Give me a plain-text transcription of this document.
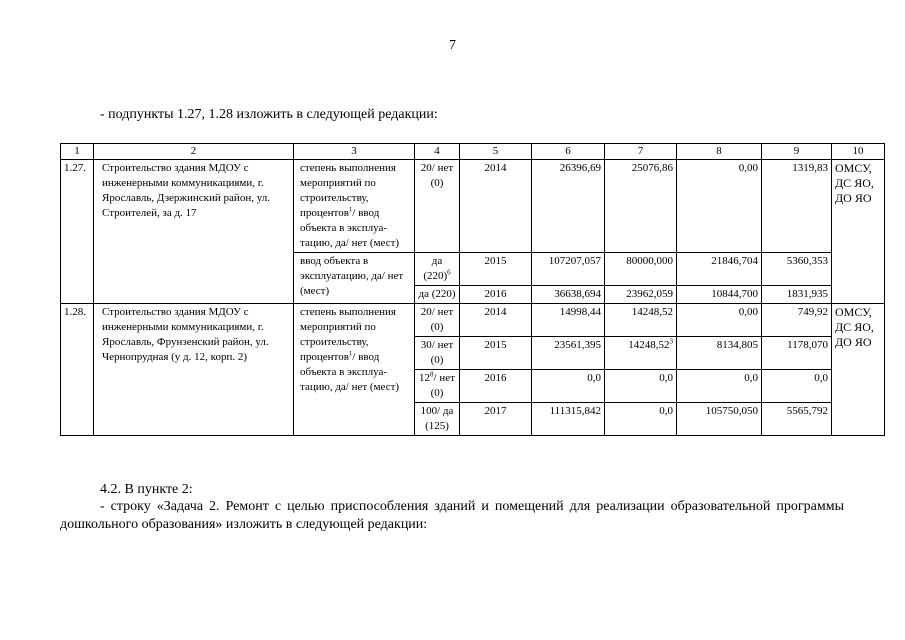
7
- подпункты 1.27, 1.28 изложить в следующей редакции:
1	2	3	4	5	6	7	8	9	10
1.27.	Строительство здания МДОУ с инженерными коммуникациями, г. Ярославль, Дзержинский район, ул. Строителей, за д. 17	степень выполнения мероприятий по строительству, процентов$^1$/ ввод объекта в эксплуа-тацию, да/ нет (мест)	20/ нет (0)	2014	26396,69	25076,86	0,00	1319,83	ОМСУ, ДС ЯО, ДО ЯО
		ввод объекта в эксплуатацию, да/ нет (мест)	да $(220)^6$	2015	107207,057	80000,000	21846,704	5360,353	
			да (220)	2016	36638,694	23962,059	10844,700	1831,935	
1.28.	Строительство здания МДОУ с инженерными коммуникациями, г. Ярославль, Фрунзенский район, ул. Чернопрудная (у д. 12, корп. 2)	степень выполнения мероприятий по строительству, процентов$^1$/ ввод объекта в эксплуа-тацию, да/ нет (мест)	20/ нет (0)	2014	14998,44	14248,52	0,00	749,92	ОМСУ, ДС ЯО, ДО ЯО
			30/ нет (0)	2015	23561,395	14248,52$^3$	8134,805	1178,070	
			$12^8/$ нет (0)	2016	0,0	0,0	0,0	0,0	
			100/ да (125)	2017	111315,842	0,0	105750,050	5565,792	
4.2. В пункте 2:
- строку «Задача 2. Ремонт с целью приспособления зданий и помещений для реализации образовательной программы дошкольного образования» изложить в следующей редакции:
